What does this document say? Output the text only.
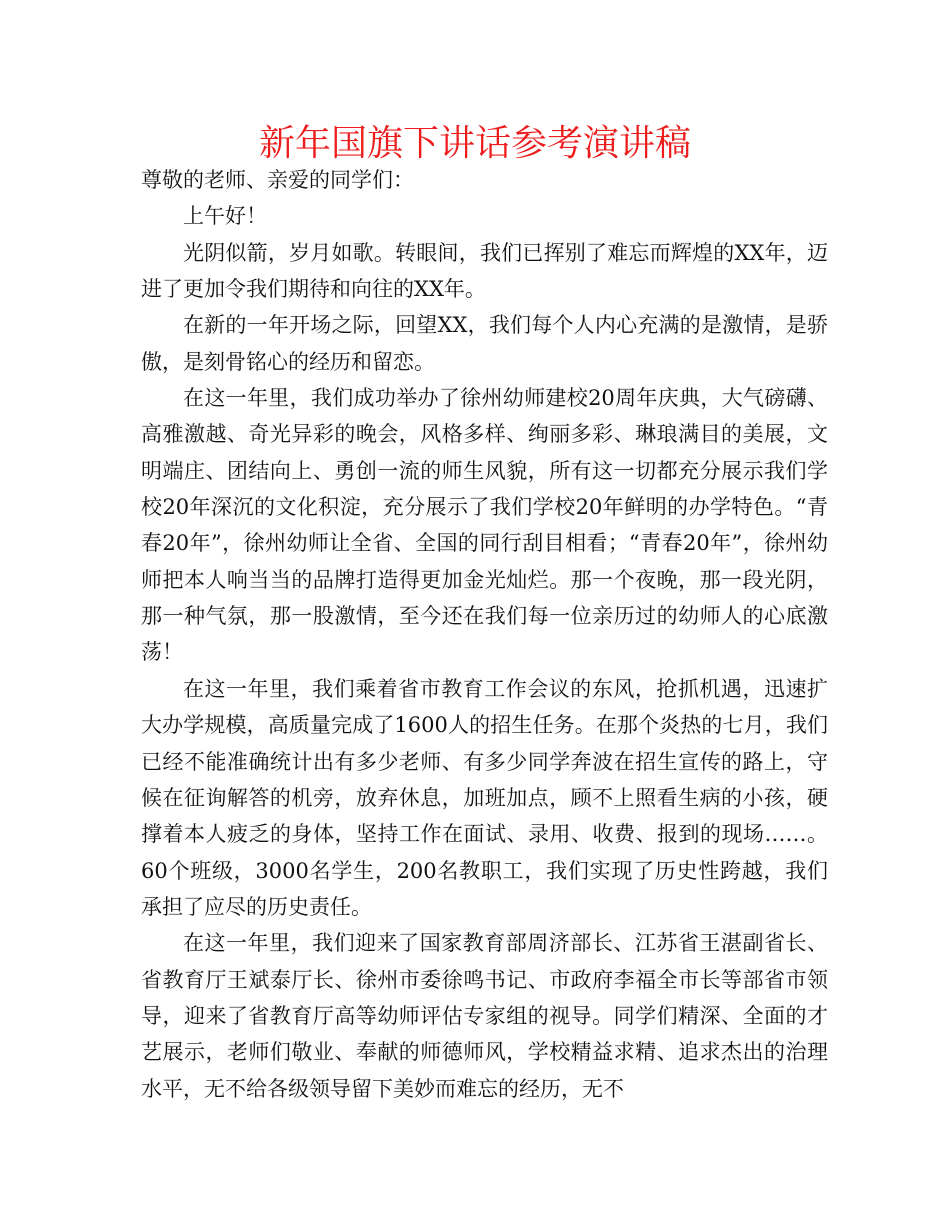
新年国旗下讲话参考演讲稿

尊敬的老师、亲爱的同学们：

上午好！

光阴似箭，岁月如歌。转眼间，我们已挥别了难忘而辉煌的XX年，迈进了更加令我们期待和向往的XX年。

在新的一年开场之际，回望XX，我们每个人内心充满的是激情，是骄傲，是刻骨铭心的经历和留恋。

在这一年里，我们成功举办了徐州幼师建校20周年庆典，大气磅礴、高雅激越、奇光异彩的晚会，风格多样、绚丽多彩、琳琅满目的美展，文明端庄、团结向上、勇创一流的师生风貌，所有这一切都充分展示我们学校20年深沉的文化积淀，充分展示了我们学校20年鲜明的办学特色。“青春20年”，徐州幼师让全省、全国的同行刮目相看；“青春20年”，徐州幼师把本人响当当的品牌打造得更加金光灿烂。那一个夜晚，那一段光阴，那一种气氛，那一股激情，至今还在我们每一位亲历过的幼师人的心底激荡！

在这一年里，我们乘着省市教育工作会议的东风，抢抓机遇，迅速扩大办学规模，高质量完成了1600人的招生任务。在那个炎热的七月，我们已经不能准确统计出有多少老师、有多少同学奔波在招生宣传的路上，守候在征询解答的机旁，放弃休息，加班加点，顾不上照看生病的小孩，硬撑着本人疲乏的身体，坚持工作在面试、录用、收费、报到的现场……。60个班级，3000名学生，200名教职工，我们实现了历史性跨越，我们承担了应尽的历史责任。

在这一年里，我们迎来了国家教育部周济部长、江苏省王湛副省长、省教育厅王斌泰厅长、徐州市委徐鸣书记、市政府李福全市长等部省市领导，迎来了省教育厅高等幼师评估专家组的视导。同学们精深、全面的才艺展示，老师们敬业、奉献的师德师风，学校精益求精、追求杰出的治理水平，无不给各级领导留下美妙而难忘的经历，无不
